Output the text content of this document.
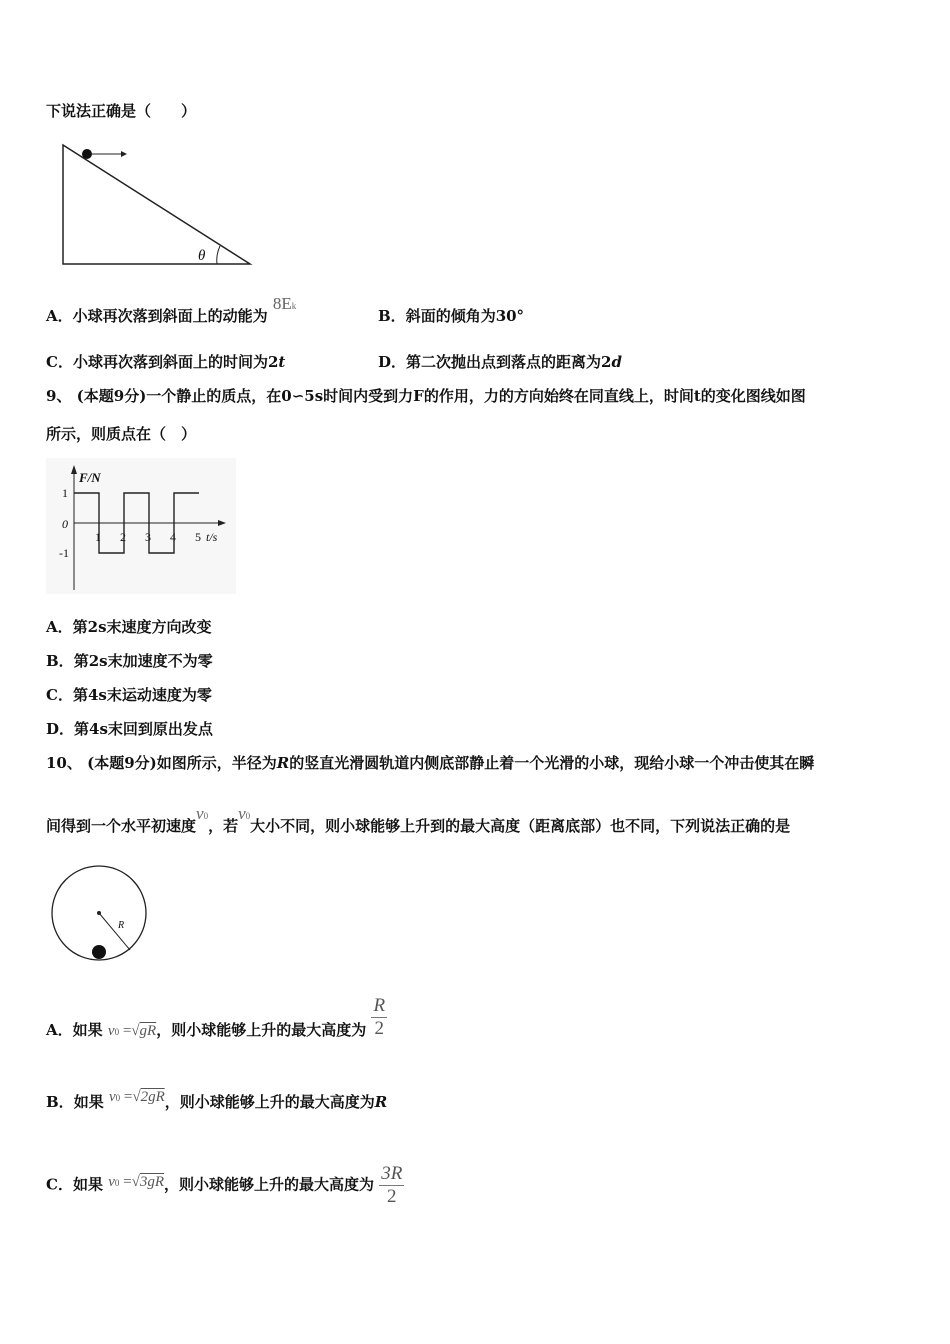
下说法正确是（　　）
θ
A．小球再次落到斜面上的动能为 8Ek
B．斜面的倾角为30°
C．小球再次落到斜面上的时间为2t	D．第二次抛出点到落点的距离为2d
9、 (本题9分)一个静止的质点，在0∽5s时间内受到力F的作用，力的方向始终在同直线上，时间t的变化图线如图
所示，则质点在（　）
F/N
t/s
1 2 3 4 5
1
0
-1
A．第2s末速度方向改变
B．第2s末加速度不为零
C．第4s末运动速度为零
D．第4s末回到原出发点
10、 (本题9分)如图所示，半径为R的竖直光滑圆轨道内侧底部静止着一个光滑的小球，现给小球一个冲击使其在瞬
间得到一个水平初速度v0，若v0大小不同，则小球能够上升到的最大高度（距离底部）也不同，下列说法正确的是
R
A．如果 v0 =√gR，则小球能够上升的最大高度为 $\frac{R}{2}$
B．如果 v0 =√2gR，则小球能够上升的最大高度为R
C．如果 v0 =√3gR，则小球能够上升的最大高度为 $\frac{3R}{2}$
